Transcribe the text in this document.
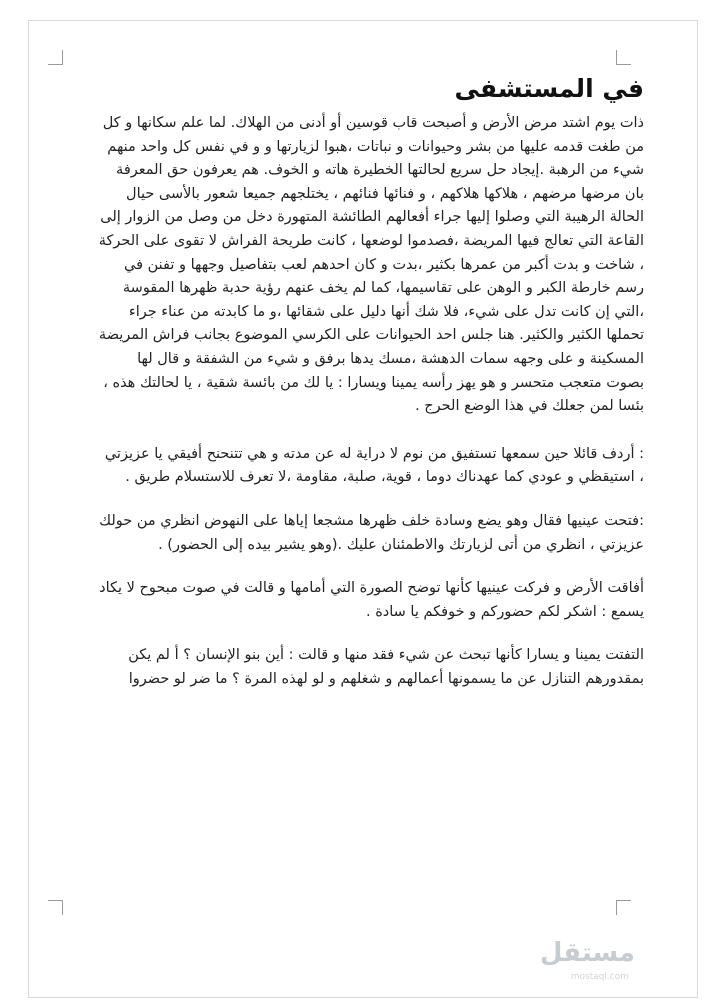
في المستشفى

ذات يوم اشتد مرض الأرض و أصبحت قاب قوسين أو أدنى من الهلاك. لما علم سكانها و كل من طغت قدمه عليها من بشر وحيوانات و نباتات ،هبوا لزيارتها و و في نفس كل واحد منهم شيء من الرهبة .إيجاد حل سريع لحالتها الخطيرة هاته و الخوف. هم يعرفون حق المعرفة بان مرضها مرضهم ، هلاكها هلاكهم ، و فنائها فنائهم ، يختلجهم جميعا شعور بالأسى حيال الحالة الرهيبة التي وصلوا إليها جراء أفعالهم الطائشة المتهورة دخل من وصل من الزوار إلى القاعة التي تعالج فيها المريضة ،فصدموا لوضعها ، كانت طريحة الفراش لا تقوى على الحركة ، شاخت و بدت أكبر من عمرها بكثير ،بدت و كان احدهم لعب بتفاصيل وجهها و تفنن في رسم خارطة الكبر و الوهن على تقاسيمها، كما لم يخف عنهم رؤية حدبة ظهرها المقوسة ،التي إن كانت تدل على شيء، فلا شك أنها دليل على شقائها ،و ما كابدته من عناء جراء تحملها الكثير والكثير. هنا جلس احد الحيوانات على الكرسي الموضوع بجانب فراش المريضة المسكينة و على وجهه سمات الدهشة ،مسك يدها برفق و شيء من الشفقة و قال لها بصوت متعجب متحسر و هو يهز رأسه يمينا ويسارا : يا لك من بائسة شقية ، يا لحالتك هذه ، بئسا لمن جعلك في هذا الوضع الحرج .

: أردف قائلا حين سمعها تستفيق من نوم لا دراية له عن مدته و هي تتنحنح أفيقي يا عزيزتي ، استيقظي و عودي كما عهدناك دوما ، قوية، صلبة، مقاومة ،لا تعرف للاستسلام طريق .

:فتحت عينيها فقال وهو يضع وسادة خلف ظهرها مشجعا إياها على النهوض انظري من حولك عزيزتي ، انظري من أتى لزيارتك والاطمئنان عليك .(وهو يشير بيده إلى الحضور) .

أفاقت الأرض و فركت عينيها كأنها توضح الصورة التي أمامها و قالت في صوت مبحوح لا يكاد يسمع : اشكر لكم حضوركم و خوفكم يا سادة .

التفتت يمينا و يسارا كأنها تبحث عن شيء فقد منها و قالت : أين بنو الإنسان ؟ أ لم يكن بمقدورهم التنازل عن ما يسمونها أعمالهم و شغلهم و لو لهذه المرة ؟ ما ضر لو حضروا

مستقل
mostaql.com
